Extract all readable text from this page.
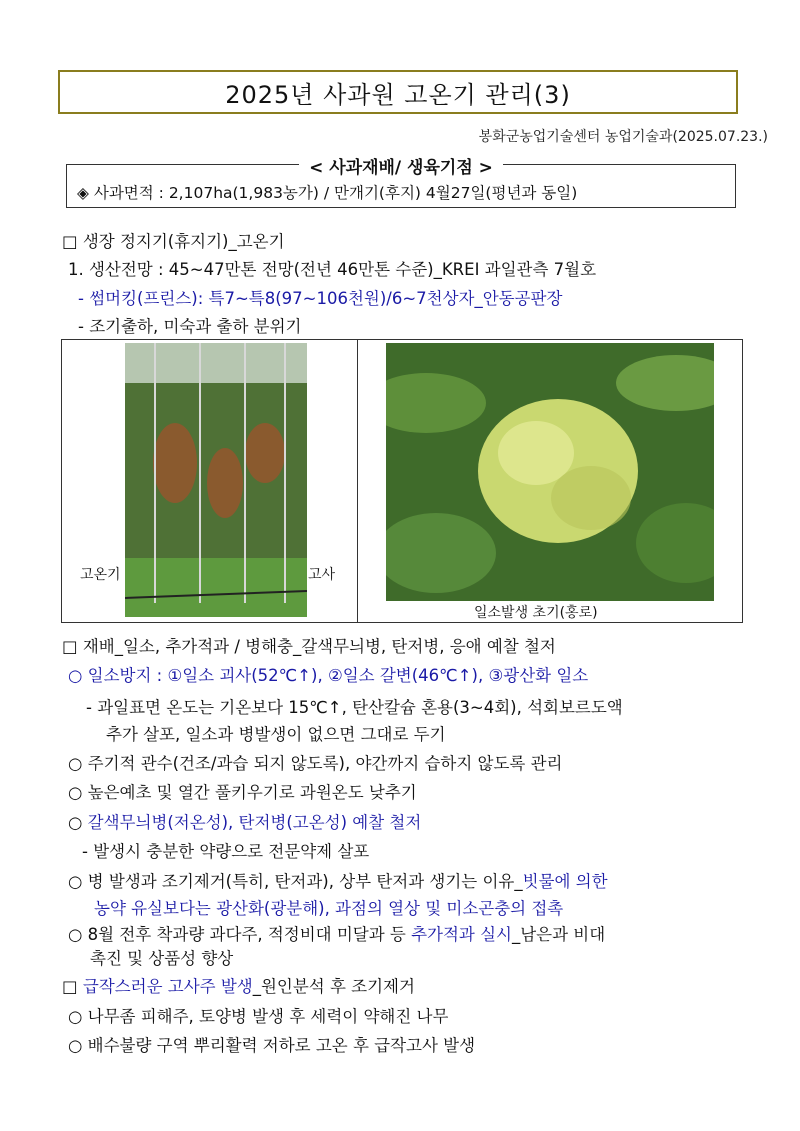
2025년 사과원 고온기 관리(3)
봉화군농업기술센터 농업기술과(2025.07.23.)
< 사과재배/ 생육기점 >
◈ 사과면적 : 2,107ha(1,983농가) / 만개기(후지) 4월27일(평년과 동일)
□ 생장 정지기(휴지기)_고온기
1. 생산전망 : 45~47만톤 전망(전년 46만톤 수준)_KREI 과일관측 7월호
- 썸머킹(프린스): 특7~특8(97~106천원)/6~7천상자_안동공판장
- 조기출하, 미숙과 출하 분위기
고온기	고사
일소발생 초기(홍로)
□ 재배_일소, 추가적과 / 병해충_갈색무늬병, 탄저병, 응애 예찰 철저
○ 일소방지 : ①일소 괴사(52℃↑), ②일소 갈변(46℃↑), ③광산화 일소
- 과일표면 온도는 기온보다 15℃↑, 탄산칼슘 혼용(3~4회), 석회보르도액
추가 살포, 일소과 병발생이 없으면 그대로 두기
○ 주기적 관수(건조/과습 되지 않도록), 야간까지 습하지 않도록 관리
○ 높은예초 및 열간 풀키우기로 과원온도 낮추기
○ 갈색무늬병(저온성), 탄저병(고온성) 예찰 철저
- 발생시 충분한 약량으로 전문약제 살포
○ 병 발생과 조기제거(특히, 탄저과), 상부 탄저과 생기는 이유_빗물에 의한
농약 유실보다는 광산화(광분해), 과점의 열상 및 미소곤충의 접촉
○ 8월 전후 착과량 과다주, 적정비대 미달과 등 추가적과 실시_남은과 비대
촉진 및 상품성 향상
□ 급작스러운 고사주 발생_원인분석 후 조기제거
○ 나무좀 피해주, 토양병 발생 후 세력이 약해진 나무
○ 배수불량 구역 뿌리활력 저하로 고온 후 급작고사 발생
